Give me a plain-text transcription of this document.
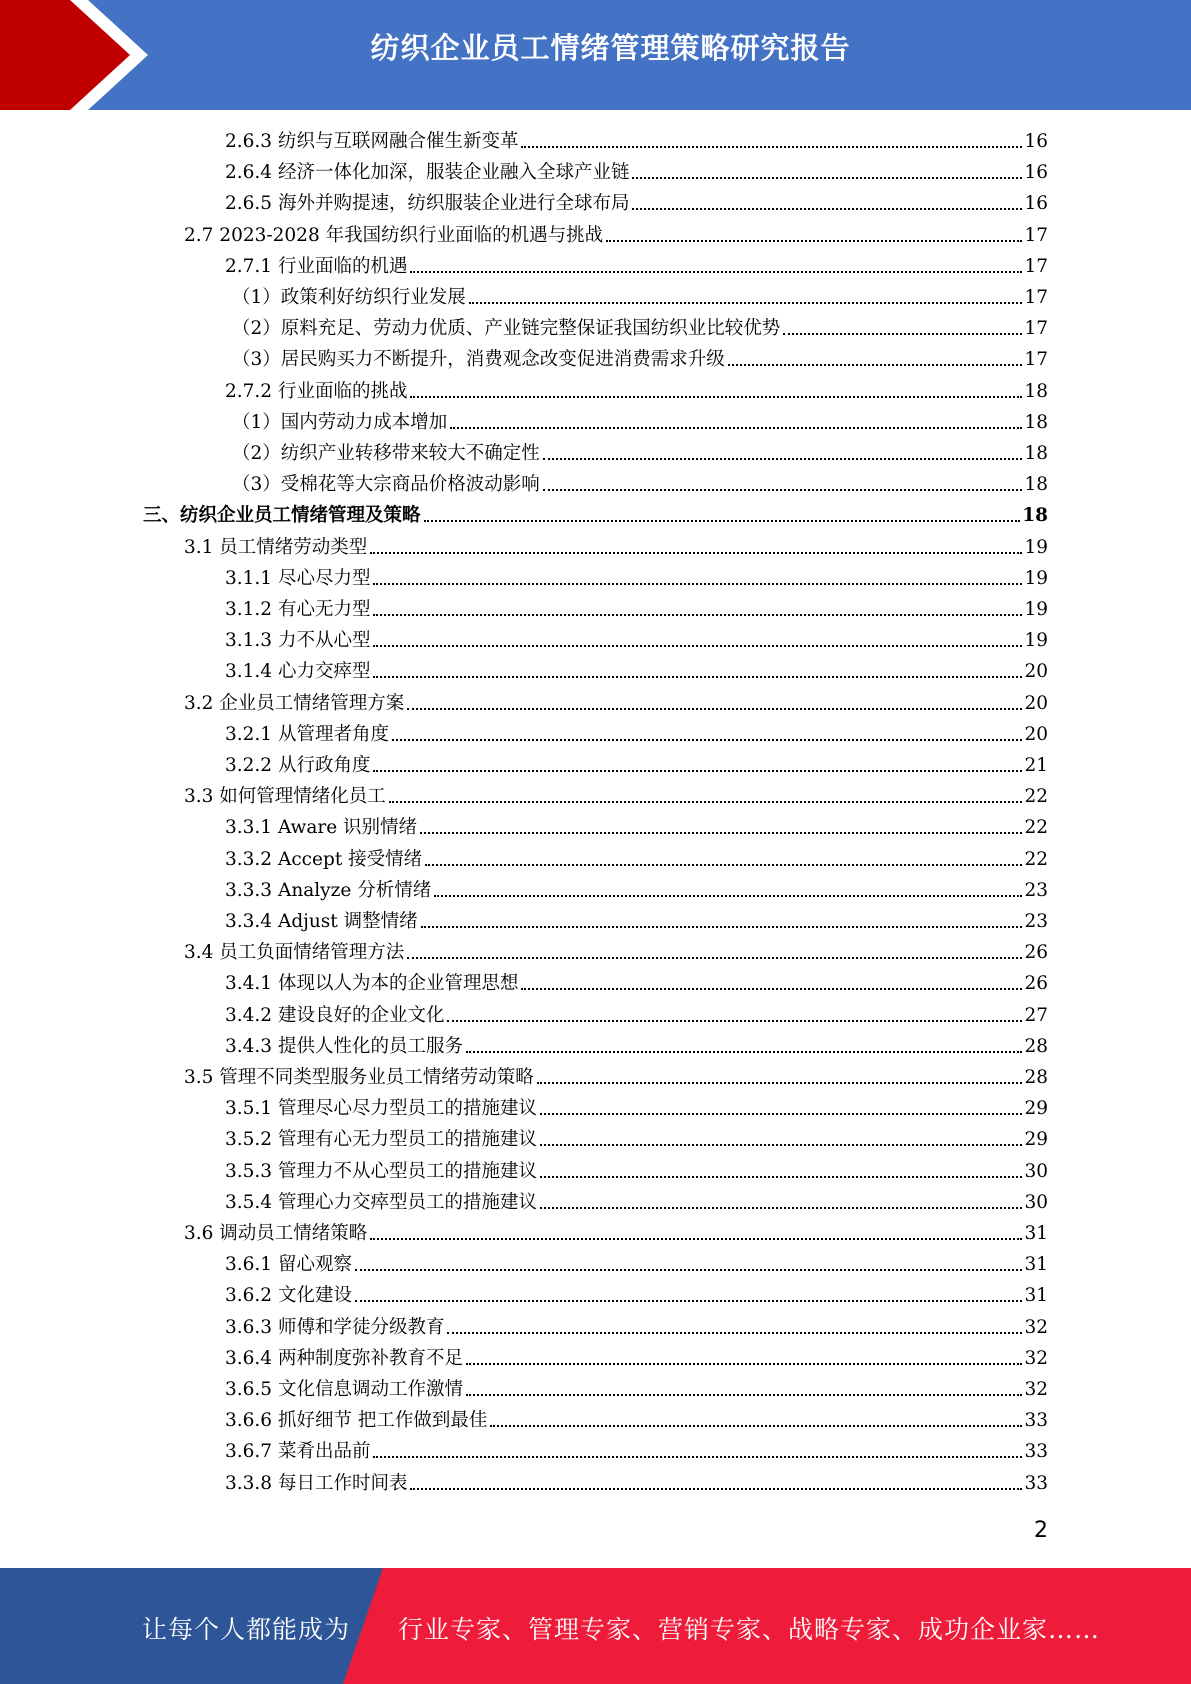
纺织企业员工情绪管理策略研究报告
2.6.3 纺织与互联网融合催生新变革	16
2.6.4 经济一体化加深，服装企业融入全球产业链	16
2.6.5 海外并购提速，纺织服装企业进行全球布局	16
2.7 2023-2028 年我国纺织行业面临的机遇与挑战	17
2.7.1 行业面临的机遇	17
（1）政策利好纺织行业发展	17
（2）原料充足、劳动力优质、产业链完整保证我国纺织业比较优势	17
（3）居民购买力不断提升，消费观念改变促进消费需求升级	17
2.7.2 行业面临的挑战	18
（1）国内劳动力成本增加	18
（2）纺织产业转移带来较大不确定性	18
（3）受棉花等大宗商品价格波动影响	18
三、纺织企业员工情绪管理及策略	18
3.1 员工情绪劳动类型	19
3.1.1 尽心尽力型	19
3.1.2 有心无力型	19
3.1.3 力不从心型	19
3.1.4 心力交瘁型	20
3.2 企业员工情绪管理方案	20
3.2.1 从管理者角度	20
3.2.2 从行政角度	21
3.3 如何管理情绪化员工	22
3.3.1 Aware 识别情绪	22
3.3.2 Accept 接受情绪	22
3.3.3 Analyze 分析情绪	23
3.3.4 Adjust 调整情绪	23
3.4 员工负面情绪管理方法	26
3.4.1 体现以人为本的企业管理思想	26
3.4.2 建设良好的企业文化	27
3.4.3 提供人性化的员工服务	28
3.5 管理不同类型服务业员工情绪劳动策略	28
3.5.1 管理尽心尽力型员工的措施建议	29
3.5.2 管理有心无力型员工的措施建议	29
3.5.3 管理力不从心型员工的措施建议	30
3.5.4 管理心力交瘁型员工的措施建议	30
3.6 调动员工情绪策略	31
3.6.1 留心观察	31
3.6.2 文化建设	31
3.6.3 师傅和学徒分级教育	32
3.6.4 两种制度弥补教育不足	32
3.6.5 文化信息调动工作激情	32
3.6.6 抓好细节 把工作做到最佳	33
3.6.7 菜肴出品前	33
3.3.8 每日工作时间表	33
2
让每个人都能成为 行业专家、管理专家、营销专家、战略专家、成功企业家……
